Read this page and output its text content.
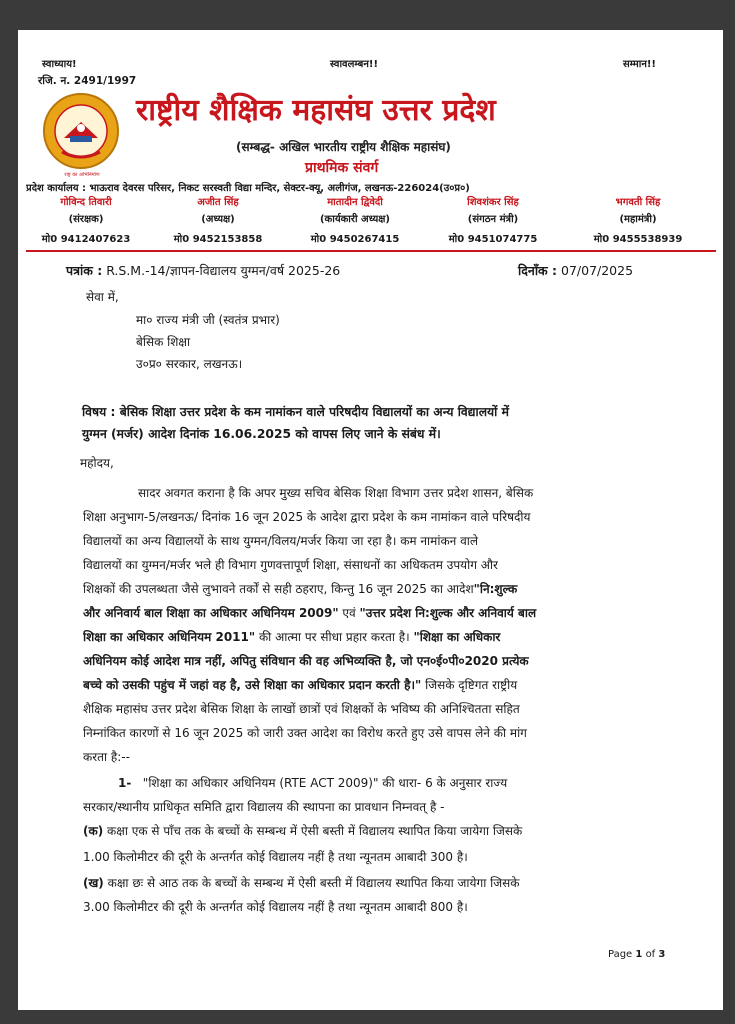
स्वाध्याय!	स्वावलम्बन!!	सम्मान!!
रजि. न. 2491/1997
राष्ट्र का अभिनिर्माण
राष्ट्रीय शैक्षिक महासंघ उत्तर प्रदेश
(सम्बद्ध- अखिल भारतीय राष्ट्रीय शैक्षिक महासंघ)
प्राथमिक संवर्ग
प्रदेश कार्यालय : भाऊराव देवरस परिसर, निकट सरस्वती विद्या मन्दिर, सेक्टर-क्यू, अलीगंज, लखनऊ-226024(उ०प्र०)
गोविन्द तिवारी
(संरक्षक)
मो0 9412407623
अजीत सिंह
(अध्यक्ष)
मो0 9452153858
मातादीन द्विवेदी
(कार्यकारी अध्यक्ष)
मो0 9450267415
शिवशंकर सिंह
(संगठन मंत्री)
मो0 9451074775
भगवती सिंह
(महामंत्री)
मो0 9455538939
पत्रांक : R.S.M.-14/ज्ञापन-विद्यालय युग्मन/वर्ष 2025-26	दिनाँक : 07/07/2025
सेवा में,
मा० राज्य मंत्री जी (स्वतंत्र प्रभार)
बेसिक शिक्षा
उ०प्र० सरकार, लखनऊ।
विषय : बेसिक शिक्षा उत्तर प्रदेश के कम नामांकन वाले परिषदीय विद्यालयों का अन्य विद्यालयों में
युग्मन (मर्जर) आदेश दिनांक 16.06.2025 को वापस लिए जाने के संबंध में।
महोदय,
सादर अवगत कराना है कि अपर मुख्य सचिव बेसिक शिक्षा विभाग उत्तर प्रदेश शासन, बेसिक
शिक्षा अनुभाग-5/लखनऊ/ दिनांक 16 जून 2025 के आदेश द्वारा प्रदेश के कम नामांकन वाले परिषदीय
विद्यालयों का अन्य विद्यालयों के साथ युग्मन/विलय/मर्जर किया जा रहा है। कम नामांकन वाले
विद्यालयों का युग्मन/मर्जर भले ही विभाग गुणवत्तापूर्ण शिक्षा, संसाधनों का अधिकतम उपयोग और
शिक्षकों की उपलब्धता जैसे लुभावने तर्कों से सही ठहराए, किन्तु 16 जून 2025 का आदेश"नि:शुल्क
और अनिवार्य बाल शिक्षा का अधिकार अधिनियम 2009" एवं "उत्तर प्रदेश नि:शुल्क और अनिवार्य बाल
शिक्षा का अधिकार अधिनियम 2011" की आत्मा पर सीधा प्रहार करता है। "शिक्षा का अधिकार
अधिनियम कोई आदेश मात्र नहीं, अपितु संविधान की वह अभिव्यक्ति है, जो एन०ई०पी०2020 प्रत्येक
बच्चे को उसकी पहुंच में जहां वह है, उसे शिक्षा का अधिकार प्रदान करती है।" जिसके दृष्टिगत राष्ट्रीय
शैक्षिक महासंघ उत्तर प्रदेश बेसिक शिक्षा के लाखों छात्रों एवं शिक्षकों के भविष्य की अनिश्चितता सहित
निम्नांकित कारणों से 16 जून 2025 को जारी उक्त आदेश का विरोध करते हुए उसे वापस लेने की मांग
करता है:--
1- "शिक्षा का अधिकार अधिनियम (RTE ACT 2009)" की धारा- 6 के अनुसार राज्य
सरकार/स्थानीय प्राधिकृत समिति द्वारा विद्यालय की स्थापना का प्रावधान निम्नवत् है -
(क) कक्षा एक से पाँच तक के बच्चों के सम्बन्ध में ऐसी बस्ती में विद्यालय स्थापित किया जायेगा जिसके
1.00 किलोमीटर की दूरी के अन्तर्गत कोई विद्यालय नहीं है तथा न्यूनतम आबादी 300 है।
(ख) कक्षा छः से आठ तक के बच्चों के सम्बन्ध में ऐसी बस्ती में विद्यालय स्थापित किया जायेगा जिसके
3.00 किलोमीटर की दूरी के अन्तर्गत कोई विद्यालय नहीं है तथा न्यूनतम आबादी 800 है।
Page 1 of 3
